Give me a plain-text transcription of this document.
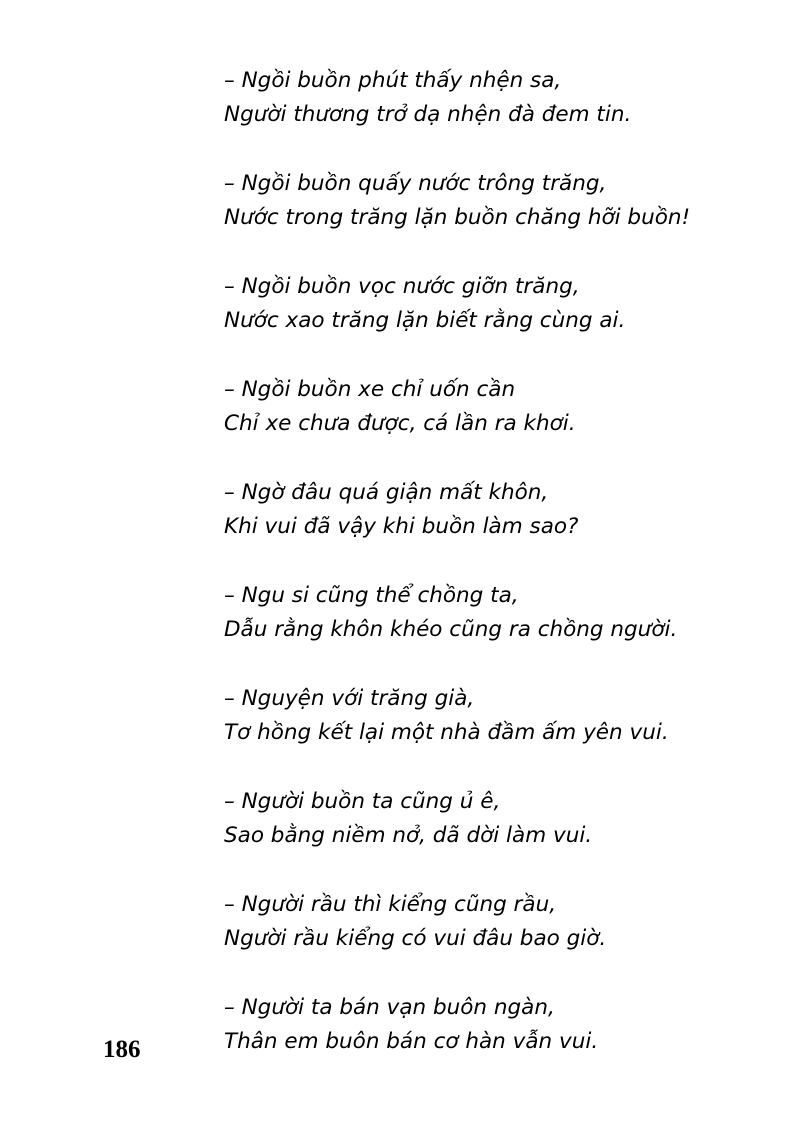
– Ngồi buồn phút thấy nhện sa,
Người thương trở dạ nhện đà đem tin.
– Ngồi buồn quấy nước trông trăng,
Nước trong trăng lặn buồn chăng hỡi buồn!
– Ngồi buồn vọc nước giỡn trăng,
Nước xao trăng lặn biết rằng cùng ai.
– Ngồi buồn xe chỉ uốn cần
Chỉ xe chưa được, cá lần ra khơi.
– Ngờ đâu quá giận mất khôn,
Khi vui đã vậy khi buồn làm sao?
– Ngu si cũng thể chồng ta,
Dẫu rằng khôn khéo cũng ra chồng người.
– Nguyện với trăng già,
Tơ hồng kết lại một nhà đầm ấm yên vui.
– Người buồn ta cũng ủ ê,
Sao bằng niềm nở, dã dời làm vui.
– Người rầu thì kiểng cũng rầu,
Người rầu kiểng có vui đâu bao giờ.
– Người ta bán vạn buôn ngàn,
Thân em buôn bán cơ hàn vẫn vui.
186
